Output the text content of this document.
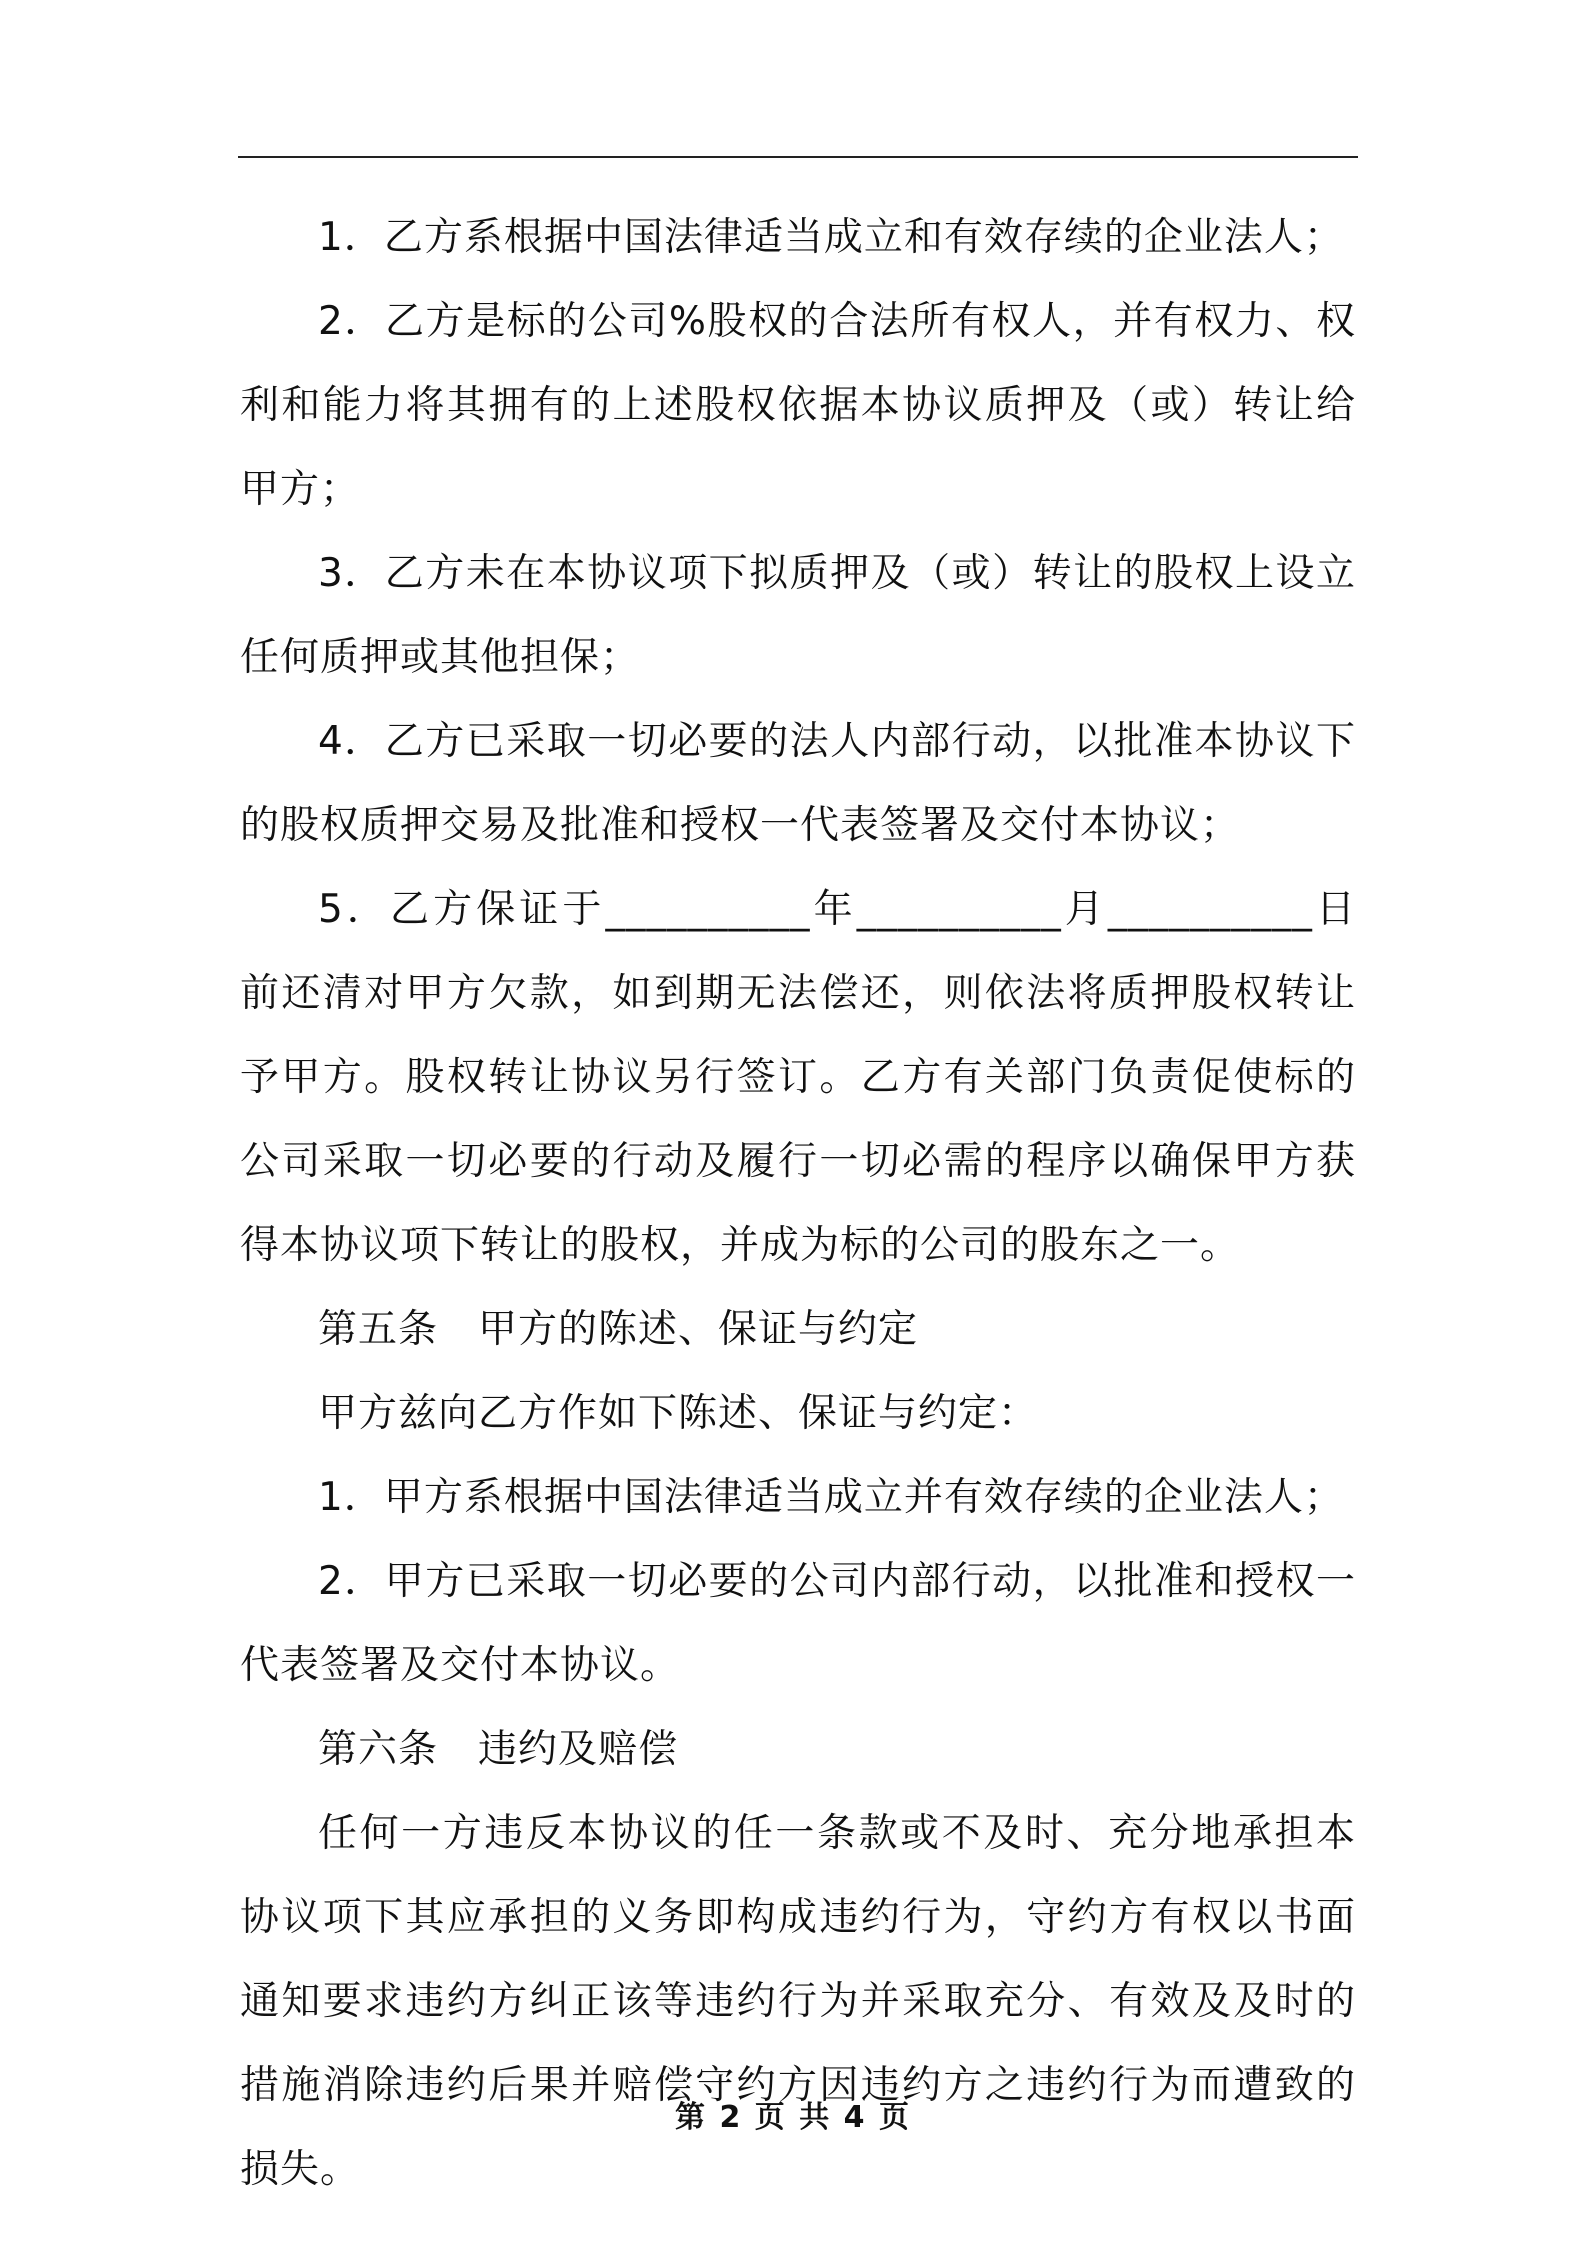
1．乙方系根据中国法律适当成立和有效存续的企业法人；

2．乙方是标的公司%股权的合法所有权人，并有权力、权利和能力将其拥有的上述股权依据本协议质押及（或）转让给甲方；

3．乙方未在本协议项下拟质押及（或）转让的股权上设立任何质押或其他担保；

4．乙方已采取一切必要的法人内部行动，以批准本协议下的股权质押交易及批准和授权一代表签署及交付本协议；

5．乙方保证于__________年__________月__________日前还清对甲方欠款，如到期无法偿还，则依法将质押股权转让予甲方。股权转让协议另行签订。乙方有关部门负责促使标的公司采取一切必要的行动及履行一切必需的程序以确保甲方获得本协议项下转让的股权，并成为标的公司的股东之一。

第五条　甲方的陈述、保证与约定

甲方兹向乙方作如下陈述、保证与约定：

1．甲方系根据中国法律适当成立并有效存续的企业法人；

2．甲方已采取一切必要的公司内部行动，以批准和授权一代表签署及交付本协议。

第六条　违约及赔偿

任何一方违反本协议的任一条款或不及时、充分地承担本协议项下其应承担的义务即构成违约行为，守约方有权以书面通知要求违约方纠正该等违约行为并采取充分、有效及及时的措施消除违约后果并赔偿守约方因违约方之违约行为而遭致的损失。

第 2 页 共 4 页
